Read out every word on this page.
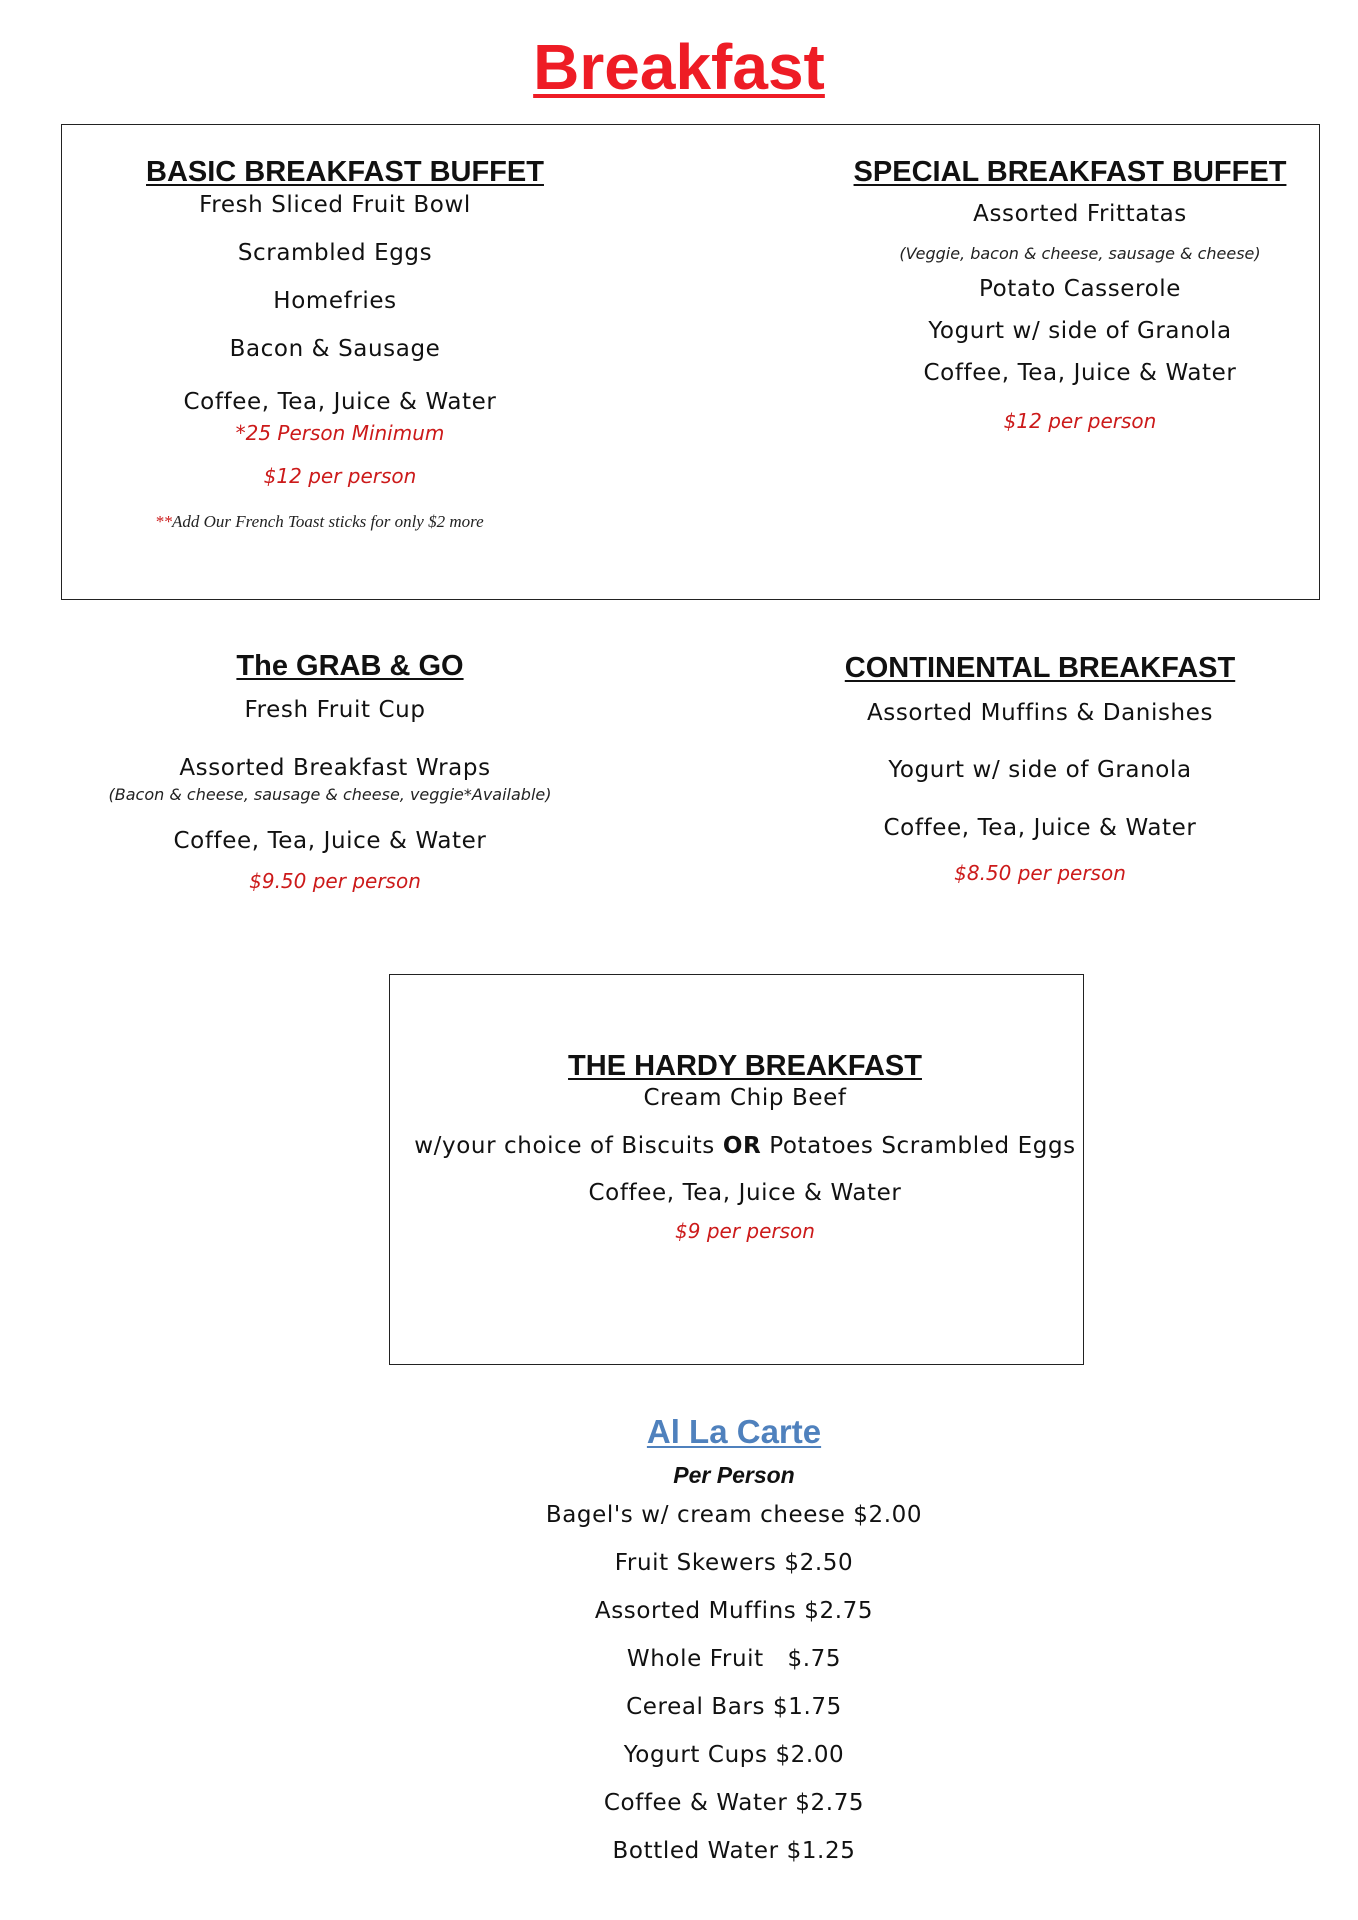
Breakfast
BASIC BREAKFAST BUFFET
Fresh Sliced Fruit Bowl
Scrambled Eggs
Homefries
Bacon & Sausage
Coffee, Tea, Juice & Water
*25 Person Minimum
$12 per person
**Add Our French Toast sticks for only $2 more
SPECIAL BREAKFAST BUFFET
Assorted Frittatas
(Veggie, bacon & cheese, sausage & cheese)
Potato Casserole
Yogurt w/ side of Granola
Coffee, Tea, Juice & Water
$12 per person
The GRAB & GO
Fresh Fruit Cup
Assorted Breakfast Wraps
(Bacon & cheese, sausage & cheese, veggie*Available)
Coffee, Tea, Juice & Water
$9.50 per person
CONTINENTAL BREAKFAST
Assorted Muffins & Danishes
Yogurt w/ side of Granola
Coffee, Tea, Juice & Water
$8.50 per person
THE HARDY BREAKFAST
Cream Chip Beef
w/your choice of Biscuits OR Potatoes Scrambled Eggs
Coffee, Tea, Juice & Water
$9 per person
Al La Carte
Per Person
Bagel's w/ cream cheese $2.00
Fruit Skewers $2.50
Assorted Muffins $2.75
Whole Fruit   $.75
Cereal Bars $1.75
Yogurt Cups $2.00
Coffee & Water $2.75
Bottled Water $1.25
